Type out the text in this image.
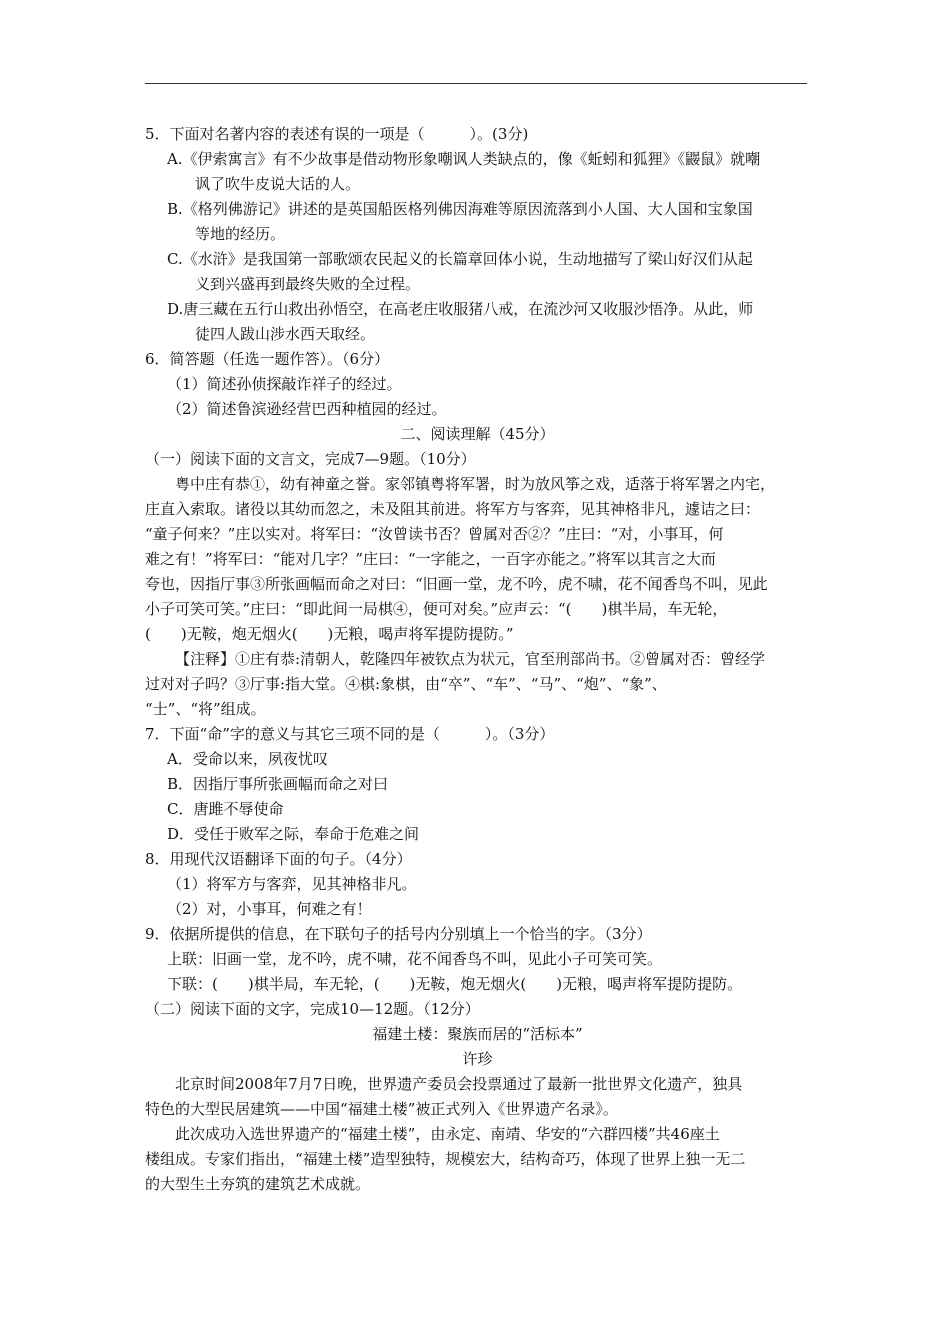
5．下面对名著内容的表述有误的一项是（　　　）。(3分)
A.《伊索寓言》有不少故事是借动物形象嘲讽人类缺点的，像《蚯蚓和狐狸》《鼹鼠》就嘲
讽了吹牛皮说大话的人。
B.《格列佛游记》讲述的是英国船医格列佛因海难等原因流落到小人国、大人国和宝象国
等地的经历。
C.《水浒》是我国第一部歌颂农民起义的长篇章回体小说，生动地描写了梁山好汉们从起
义到兴盛再到最终失败的全过程。
D.唐三藏在五行山救出孙悟空，在高老庄收服猪八戒，在流沙河又收服沙悟净。从此，师
徒四人跋山涉水西天取经。
6．简答题（任选一题作答）。（6分）
（1）简述孙侦探敲诈祥子的经过。
（2）简述鲁滨逊经营巴西种植园的经过。
二、阅读理解（45分）
（一）阅读下面的文言文，完成7—9题。（10分）
粤中庄有恭①，幼有神童之誉。家邻镇粤将军署，时为放风筝之戏，适落于将军署之内宅，
庄直入索取。诸役以其幼而忽之，未及阻其前进。将军方与客弈，见其神格非凡，遽诘之曰：
“童子何来？”庄以实对。将军曰：“汝曾读书否？曾属对否②？”庄曰：“对，小事耳，何
难之有！”将军曰：“能对几字？”庄曰：“一字能之，一百字亦能之。”将军以其言之大而
夸也，因指厅事③所张画幅而命之对曰：“旧画一堂，龙不吟，虎不啸，花不闻香鸟不叫，见此
小子可笑可笑。”庄曰：“即此间一局棋④，便可对矣。”应声云：“(　　)棋半局，车无轮，
(　　)无鞍，炮无烟火(　　)无粮，喝声将军提防提防。”
【注释】①庄有恭:清朝人，乾隆四年被钦点为状元，官至刑部尚书。②曾属对否：曾经学
过对对子吗？③厅事:指大堂。④棋:象棋，由“卒”、“车”、“马”、“炮”、“象”、
“士”、“将”组成。
7．下面“命”字的意义与其它三项不同的是（　　　）。（3分）
A．受命以来，夙夜忧叹
B．因指厅事所张画幅而命之对曰
C．唐雎不辱使命
D．受任于败军之际，奉命于危难之间
8．用现代汉语翻译下面的句子。（4分）
（1）将军方与客弈，见其神格非凡。
（2）对，小事耳，何难之有！
9．依据所提供的信息，在下联句子的括号内分别填上一个恰当的字。（3分）
上联：旧画一堂，龙不吟，虎不啸，花不闻香鸟不叫，见此小子可笑可笑。
下联：(　　)棋半局，车无轮，(　　)无鞍，炮无烟火(　　)无粮，喝声将军提防提防。
（二）阅读下面的文字，完成10—12题。（12分）
福建土楼：聚族而居的“活标本”
许珍
北京时间2008年7月7日晚，世界遗产委员会投票通过了最新一批世界文化遗产，独具
特色的大型民居建筑——中国“福建土楼”被正式列入《世界遗产名录》。
此次成功入选世界遗产的“福建土楼”，由永定、南靖、华安的“六群四楼”共46座土
楼组成。专家们指出，“福建土楼”造型独特，规模宏大，结构奇巧，体现了世界上独一无二
的大型生土夯筑的建筑艺术成就。
